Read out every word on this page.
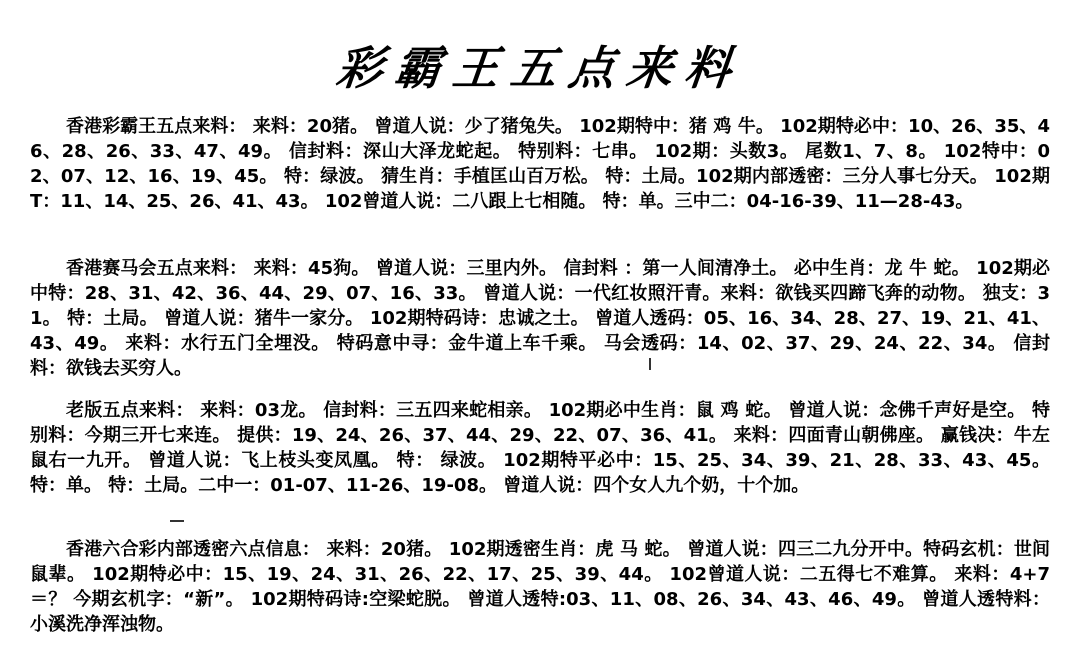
彩霸王五点来料
香港彩霸王五点来料： 来料：20猪。 曾道人说：少了猪兔失。 102期特中：猪 鸡 牛。 102期特必中：10、26、35、46、28、26、33、47、49。 信封料：深山大泽龙蛇起。 特别料：七串。 102期：头数3。 尾数1、7、8。 102特中：02、07、12、16、19、45。 特：绿波。 猜生肖：手植匡山百万松。 特：土局。102期内部透密：三分人事七分天。 102期T：11、14、25、26、41、43。 102曾道人说：二八跟上七相随。 特：单。三中二：04-16-39、11—28-43。
香港赛马会五点来料： 来料：45狗。 曾道人说：三里内外。 信封料 ：第一人间清净土。 必中生肖：龙 牛 蛇。 102期必中特：28、31、42、36、44、29、07、16、33。 曾道人说：一代红妆照汗青。来料：欲钱买四蹄飞奔的动物。 独支：31。 特：土局。 曾道人说：猪牛一家分。 102期特码诗：忠诚之士。 曾道人透码：05、16、34、28、27、19、21、41、43、49。 来料：水行五门全埋没。 特码意中寻：金牛道上车千乘。 马会透码：14、02、37、29、24、22、34。 信封料：欲钱去买穷人。
老版五点来料： 来料：03龙。 信封料：三五四来蛇相亲。 102期必中生肖：鼠 鸡 蛇。 曾道人说：念佛千声好是空。 特别料：今期三开七来连。 提供：19、24、26、37、44、29、22、07、36、41。 来料：四面青山朝佛座。 赢钱决：牛左鼠右一九开。 曾道人说：飞上枝头变凤凰。 特： 绿波。 102期特平必中：15、25、34、39、21、28、33、43、45。 特：单。 特：土局。二中一：01-07、11-26、19-08。 曾道人说：四个女人九个奶，十个加。
香港六合彩内部透密六点信息： 来料：20猪。 102期透密生肖：虎 马 蛇。 曾道人说：四三二九分开中。特码玄机：世间鼠辈。 102期特必中：15、19、24、31、26、22、17、25、39、44。 102曾道人说：二五得七不难算。 来料：4+7＝？ 今期玄机字：“新”。 102期特码诗:空梁蛇脱。 曾道人透特:03、11、08、26、34、43、46、49。 曾道人透特料：小溪洗净浑浊物。
